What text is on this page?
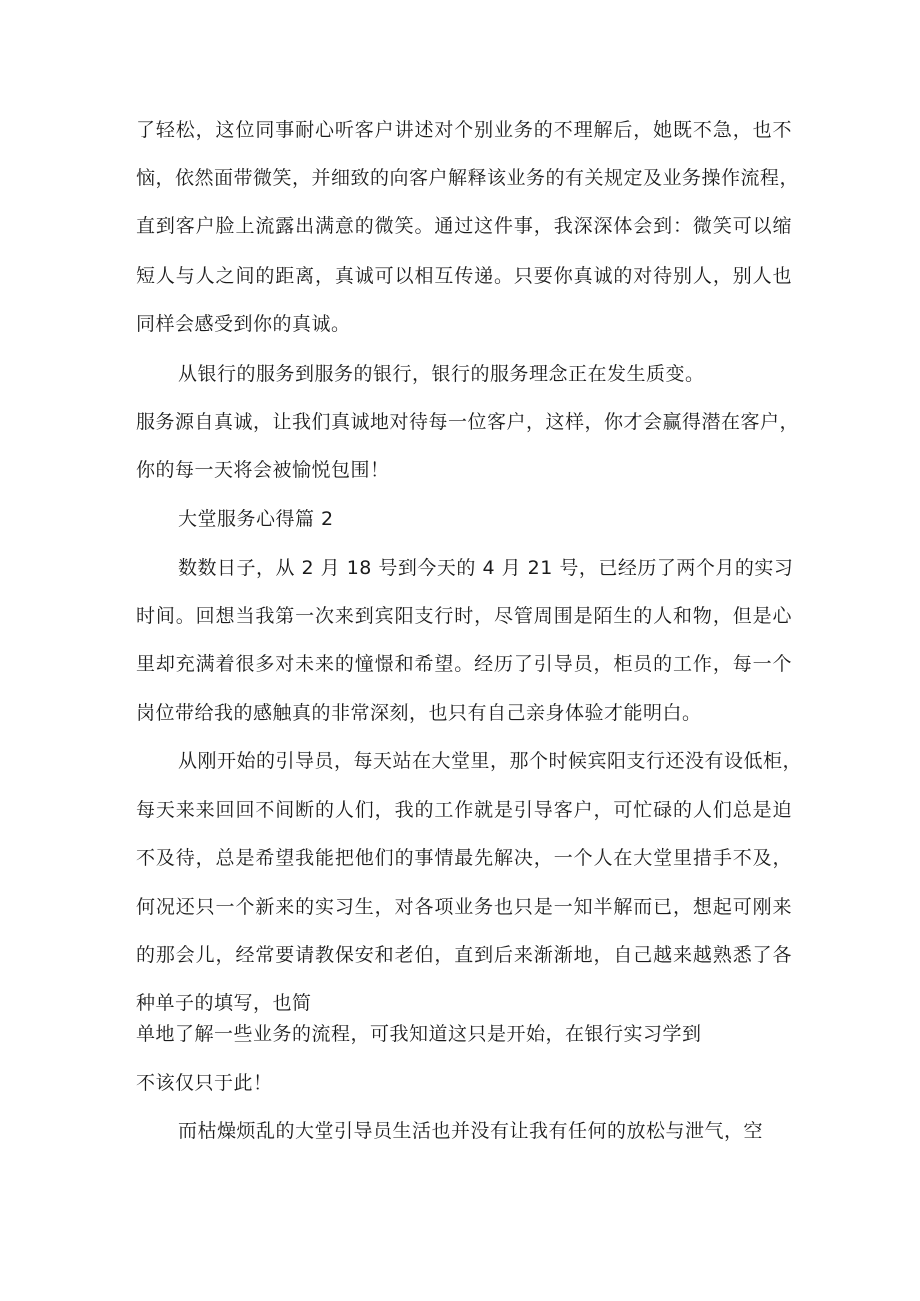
了轻松，这位同事耐心听客户讲述对个别业务的不理解后，她既不急，也不
恼，依然面带微笑，并细致的向客户解释该业务的有关规定及业务操作流程，
直到客户脸上流露出满意的微笑。通过这件事，我深深体会到：微笑可以缩
短人与人之间的距离，真诚可以相互传递。只要你真诚的对待别人，别人也
同样会感受到你的真诚。
从银行的服务到服务的银行，银行的服务理念正在发生质变。
服务源自真诚，让我们真诚地对待每一位客户，这样，你才会赢得潜在客户，
你的每一天将会被愉悦包围！
大堂服务心得篇 2
数数日子，从 2 月 18 号到今天的 4 月 21 号，已经历了两个月的实习
时间。回想当我第一次来到宾阳支行时，尽管周围是陌生的人和物，但是心
里却充满着很多对未来的憧憬和希望。经历了引导员，柜员的工作，每一个
岗位带给我的感触真的非常深刻，也只有自己亲身体验才能明白。
从刚开始的引导员，每天站在大堂里，那个时候宾阳支行还没有设低柜，
每天来来回回不间断的人们，我的工作就是引导客户，可忙碌的人们总是迫
不及待，总是希望我能把他们的事情最先解决，一个人在大堂里措手不及，
何况还只一个新来的实习生，对各项业务也只是一知半解而已，想起可刚来
的那会儿，经常要请教保安和老伯，直到后来渐渐地，自己越来越熟悉了各
种单子的填写，也简
单地了解一些业务的流程，可我知道这只是开始，在银行实习学到
不该仅只于此！
而枯燥烦乱的大堂引导员生活也并没有让我有任何的放松与泄气，空
